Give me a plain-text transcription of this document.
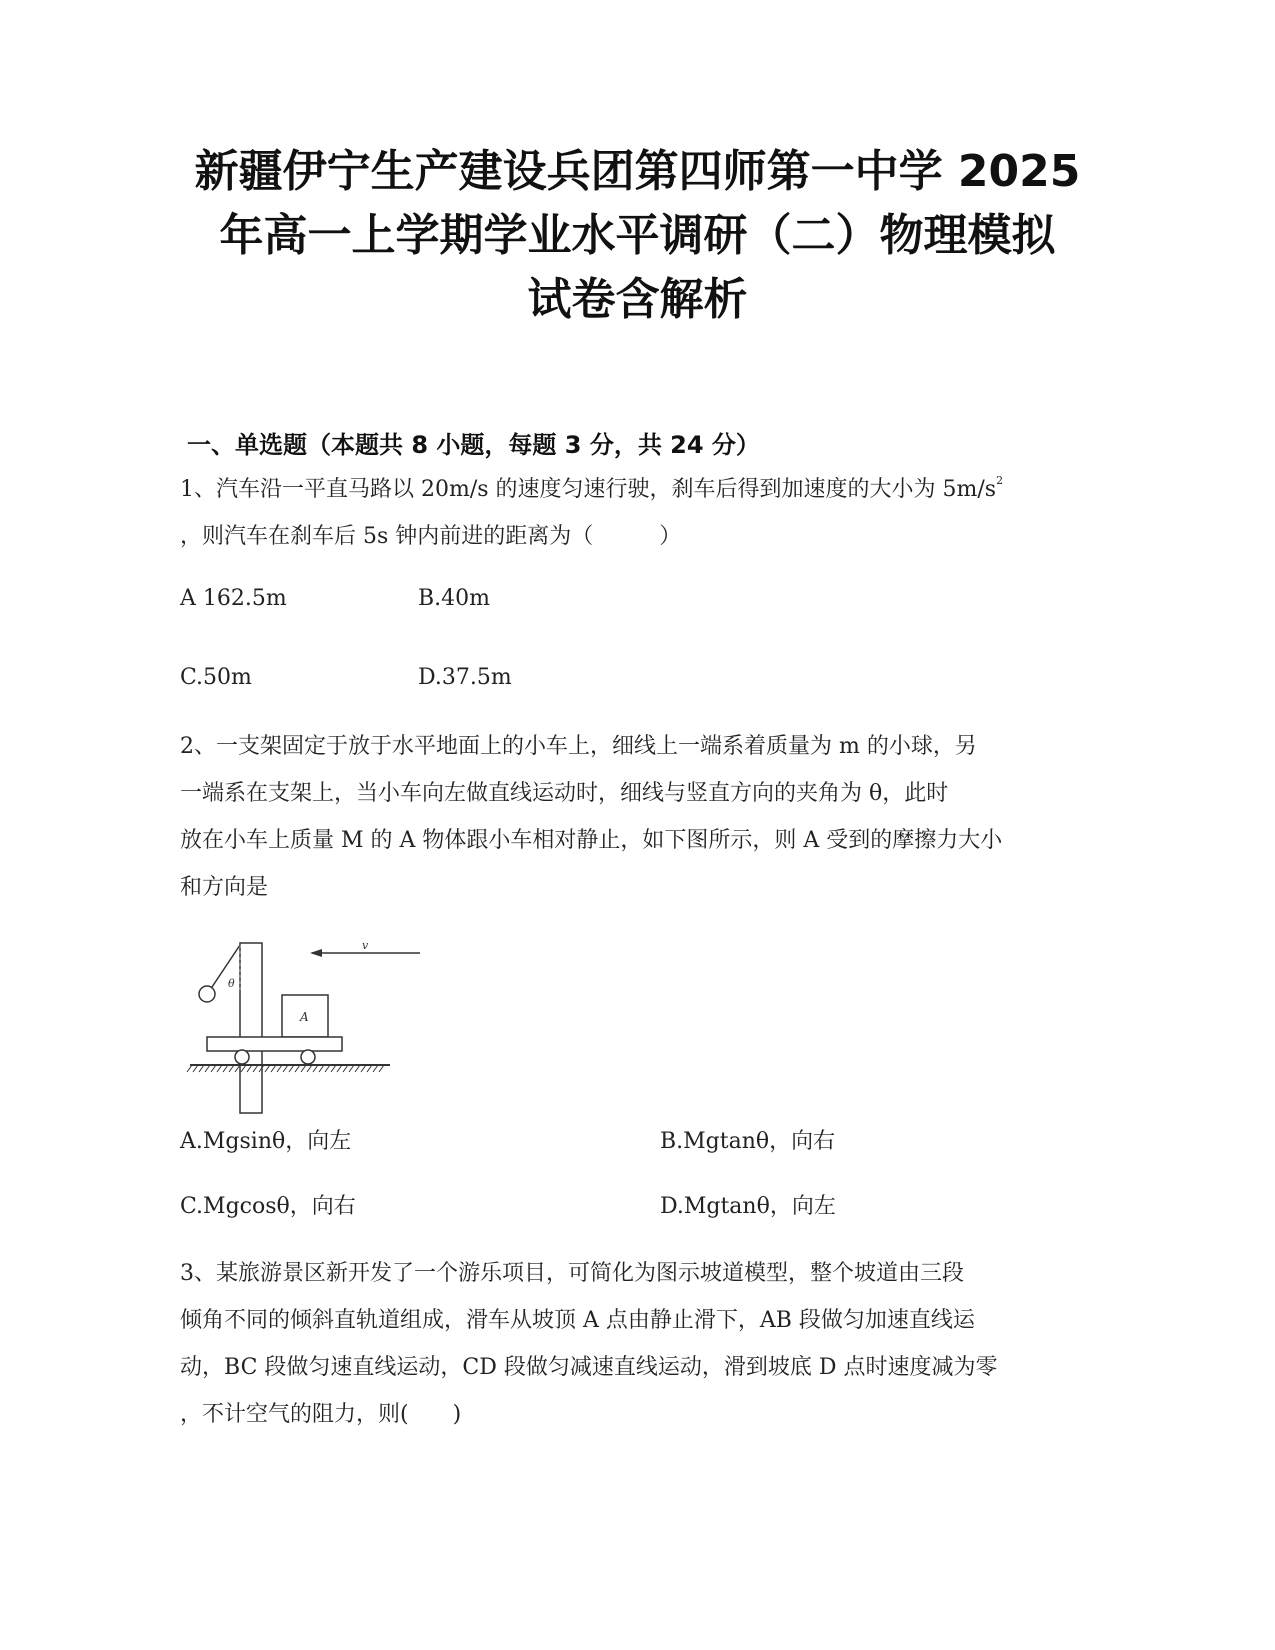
新疆伊宁生产建设兵团第四师第一中学 2025
年高一上学期学业水平调研（二）物理模拟
试卷含解析
一、单选题（本题共 8 小题，每题 3 分，共 24 分）
1、汽车沿一平直马路以 20m/s 的速度匀速行驶，刹车后得到加速度的大小为 $5m/s^2$
，则汽车在刹车后 5s 钟内前进的距离为（　　　）
A 162.5m	B.40m
C.50m	D.37.5m
2、一支架固定于放于水平地面上的小车上，细线上一端系着质量为 m 的小球，另
一端系在支架上，当小车向左做直线运动时，细线与竖直方向的夹角为 θ，此时
放在小车上质量 M 的 A 物体跟小车相对静止，如下图所示，则 A 受到的摩擦力大小
和方向是
v
θ
A
A.Mgsinθ，向左	B.Mgtanθ，向右
C.Mgcosθ，向右	D.Mgtanθ，向左
3、某旅游景区新开发了一个游乐项目，可简化为图示坡道模型，整个坡道由三段
倾角不同的倾斜直轨道组成，滑车从坡顶 A 点由静止滑下，AB 段做匀加速直线运
动，BC 段做匀速直线运动，CD 段做匀减速直线运动，滑到坡底 D 点时速度减为零
，不计空气的阻力，则(　　)
